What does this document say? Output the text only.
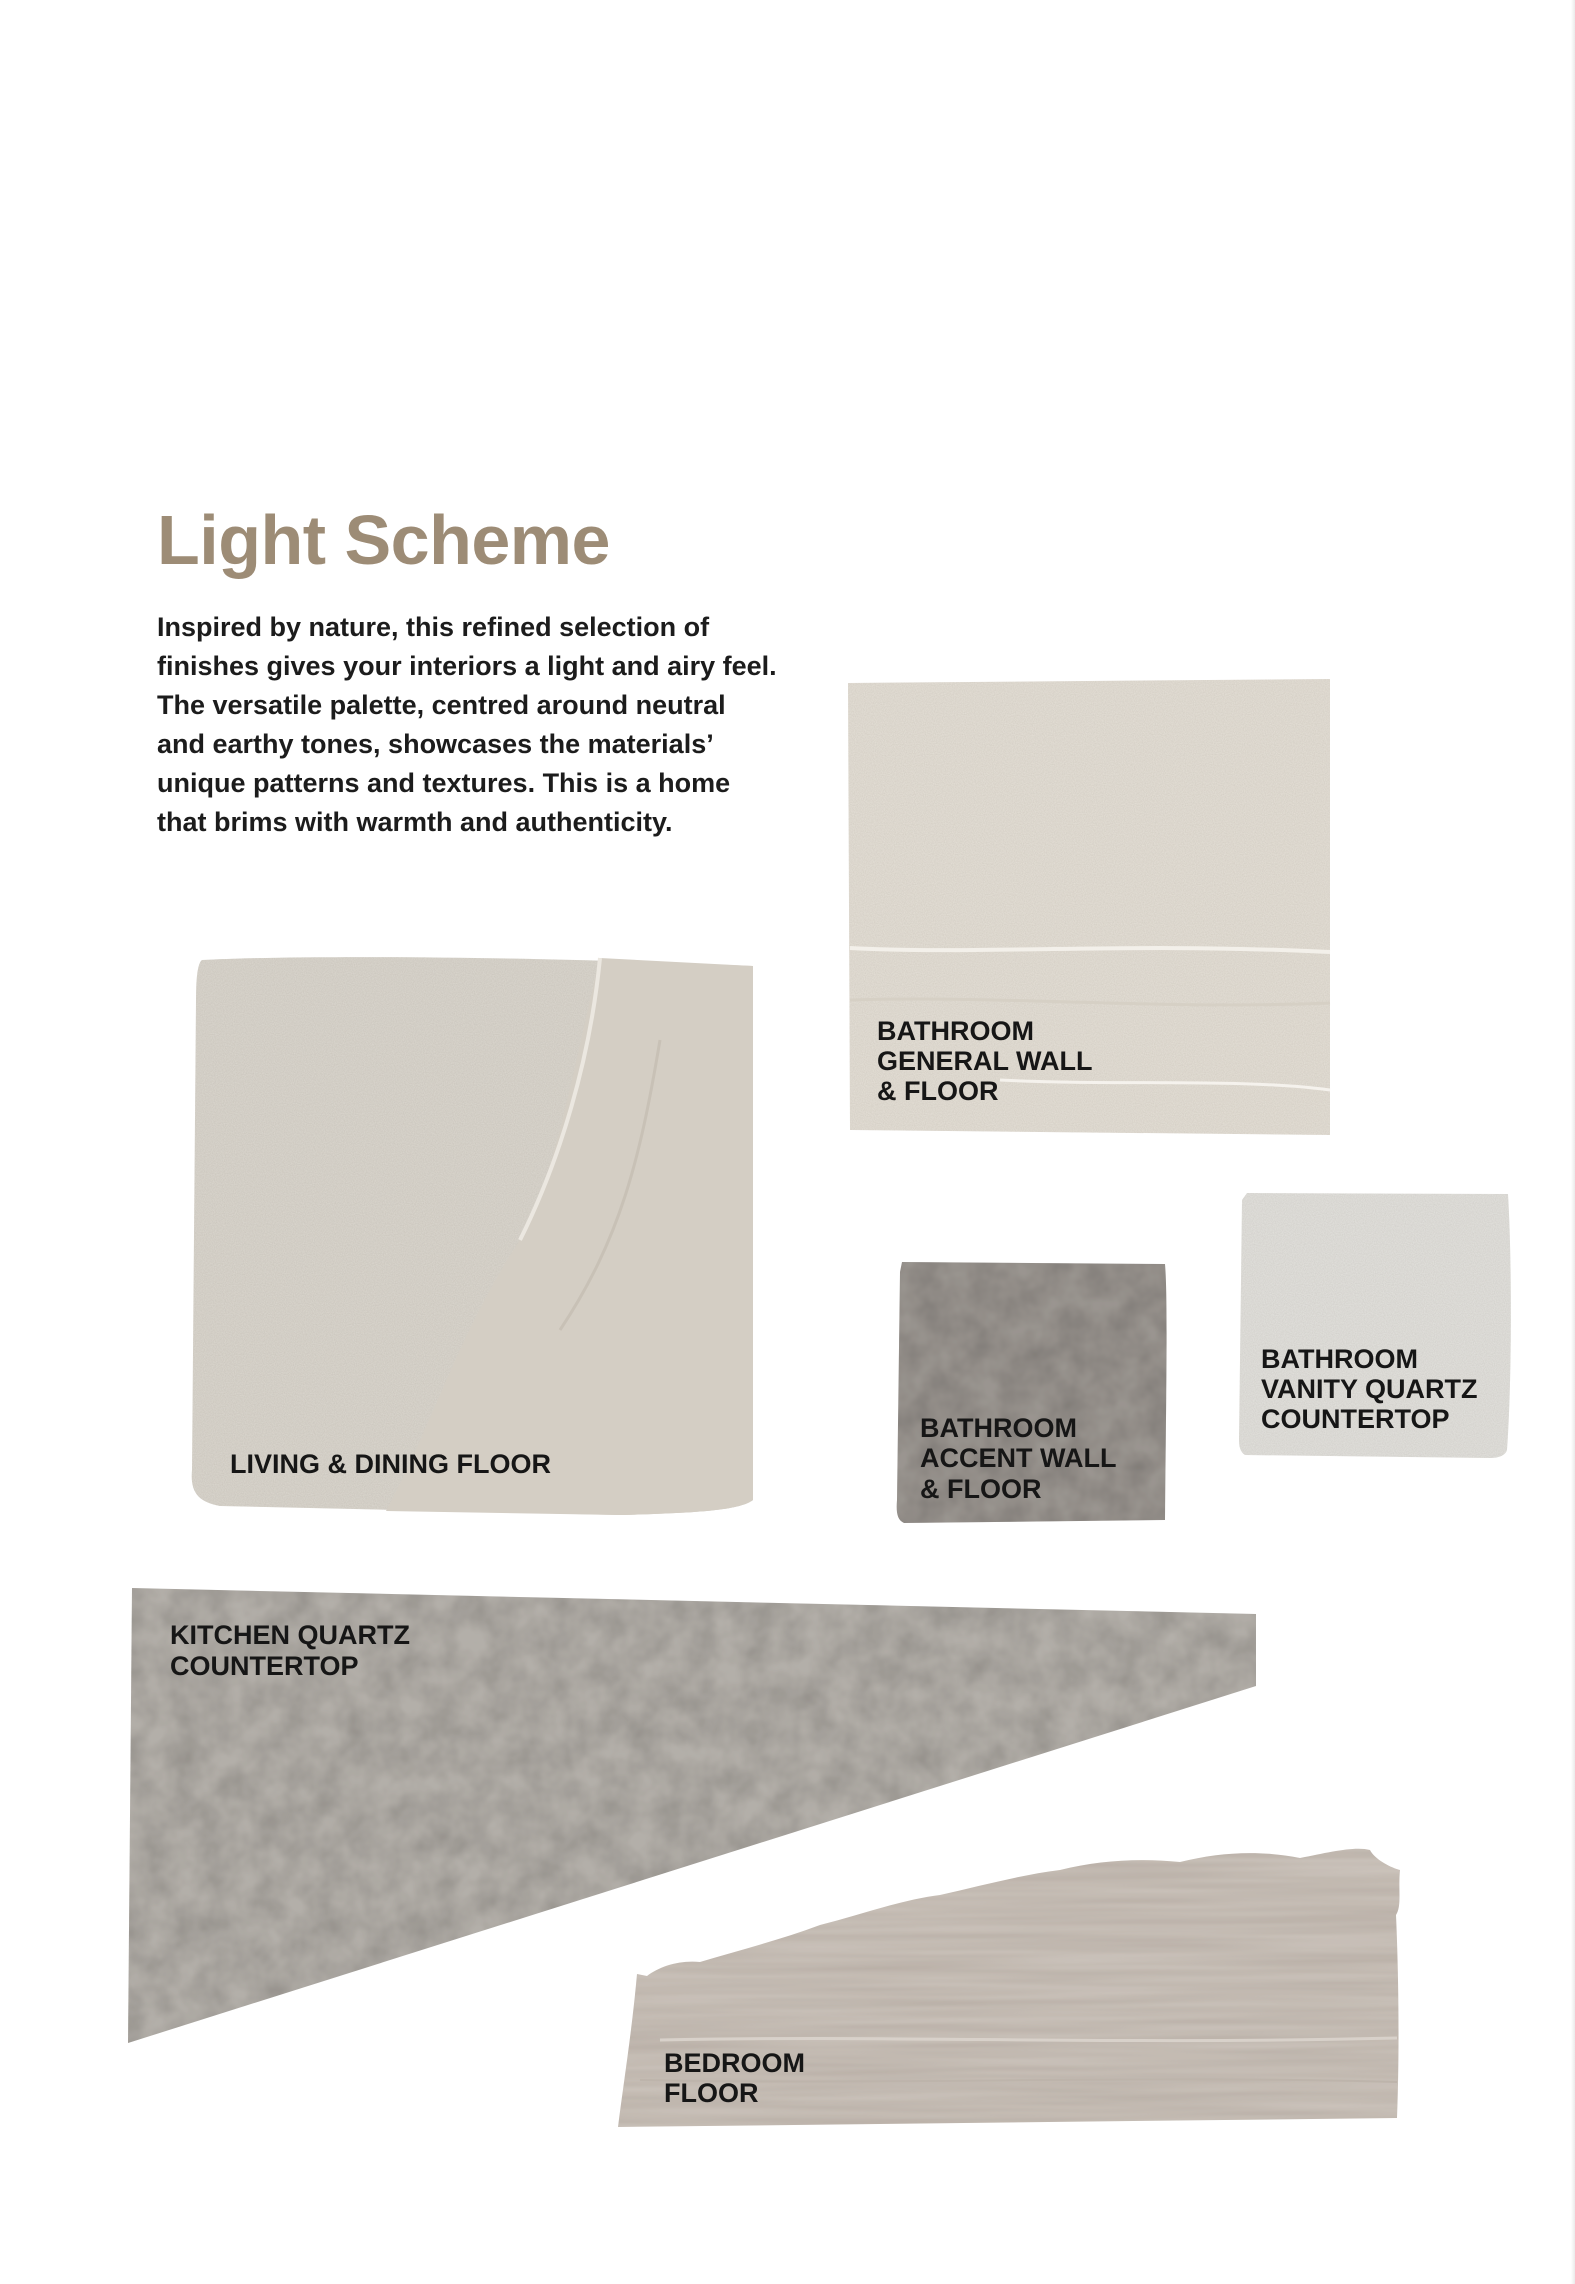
Light Scheme

Inspired by nature, this refined selection of finishes gives your interiors a light and airy feel. The versatile palette, centred around neutral and earthy tones, showcases the materials’ unique patterns and textures. This is a home that brims with warmth and authenticity.

BATHROOM
GENERAL WALL
& FLOOR
LIVING & DINING FLOOR
BATHROOM
ACCENT WALL
& FLOOR
BATHROOM
VANITY QUARTZ
COUNTERTOP
KITCHEN QUARTZ
COUNTERTOP
BEDROOM
FLOOR
